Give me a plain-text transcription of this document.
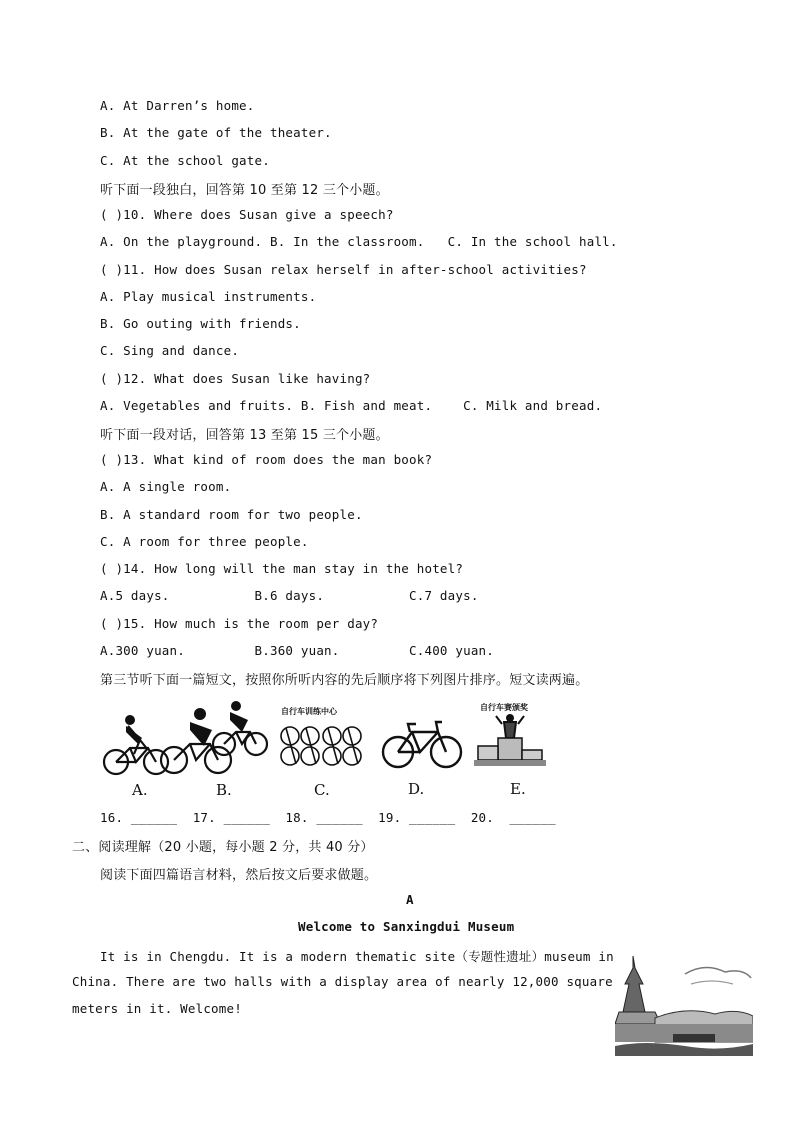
A. At Darren’s home.
B. At the gate of the theater.
C. At the school gate.
听下面一段独白，回答第 10 至第 12 三个小题。
( )10. Where does Susan give a speech?
A. On the playground. B. In the classroom.   C. In the school hall.
( )11. How does Susan relax herself in after-school activities?
A. Play musical instruments.
B. Go outing with friends.
C. Sing and dance.
( )12. What does Susan like having?
A. Vegetables and fruits. B. Fish and meat.    C. Milk and bread.
听下面一段对话，回答第 13 至第 15 三个小题。
( )13. What kind of room does the man book?
A. A single room.
B. A standard room for two people.
C. A room for three people.
( )14. How long will the man stay in the hotel?
A.5 days.           B.6 days.           C.7 days.
( )15. How much is the room per day?
A.300 yuan.         B.360 yuan.         C.400 yuan.
第三节听下面一篇短文，按照你所听内容的先后顺序将下列图片排序。短文读两遍。
A.	B.
自行车训练中心
C.	D.
自行车赛颁奖
E.
16. ______  17. ______  18. ______  19. ______  20.  ______
二、阅读理解（20 小题，每小题 2 分，共 40 分）
阅读下面四篇语言材料，然后按文后要求做题。
A
Welcome to Sanxingdui Museum
It is in Chengdu. It is a modern thematic site（专题性遗址）museum in
China. There are two halls with a display area of nearly 12,000 square
meters in it. Welcome!
